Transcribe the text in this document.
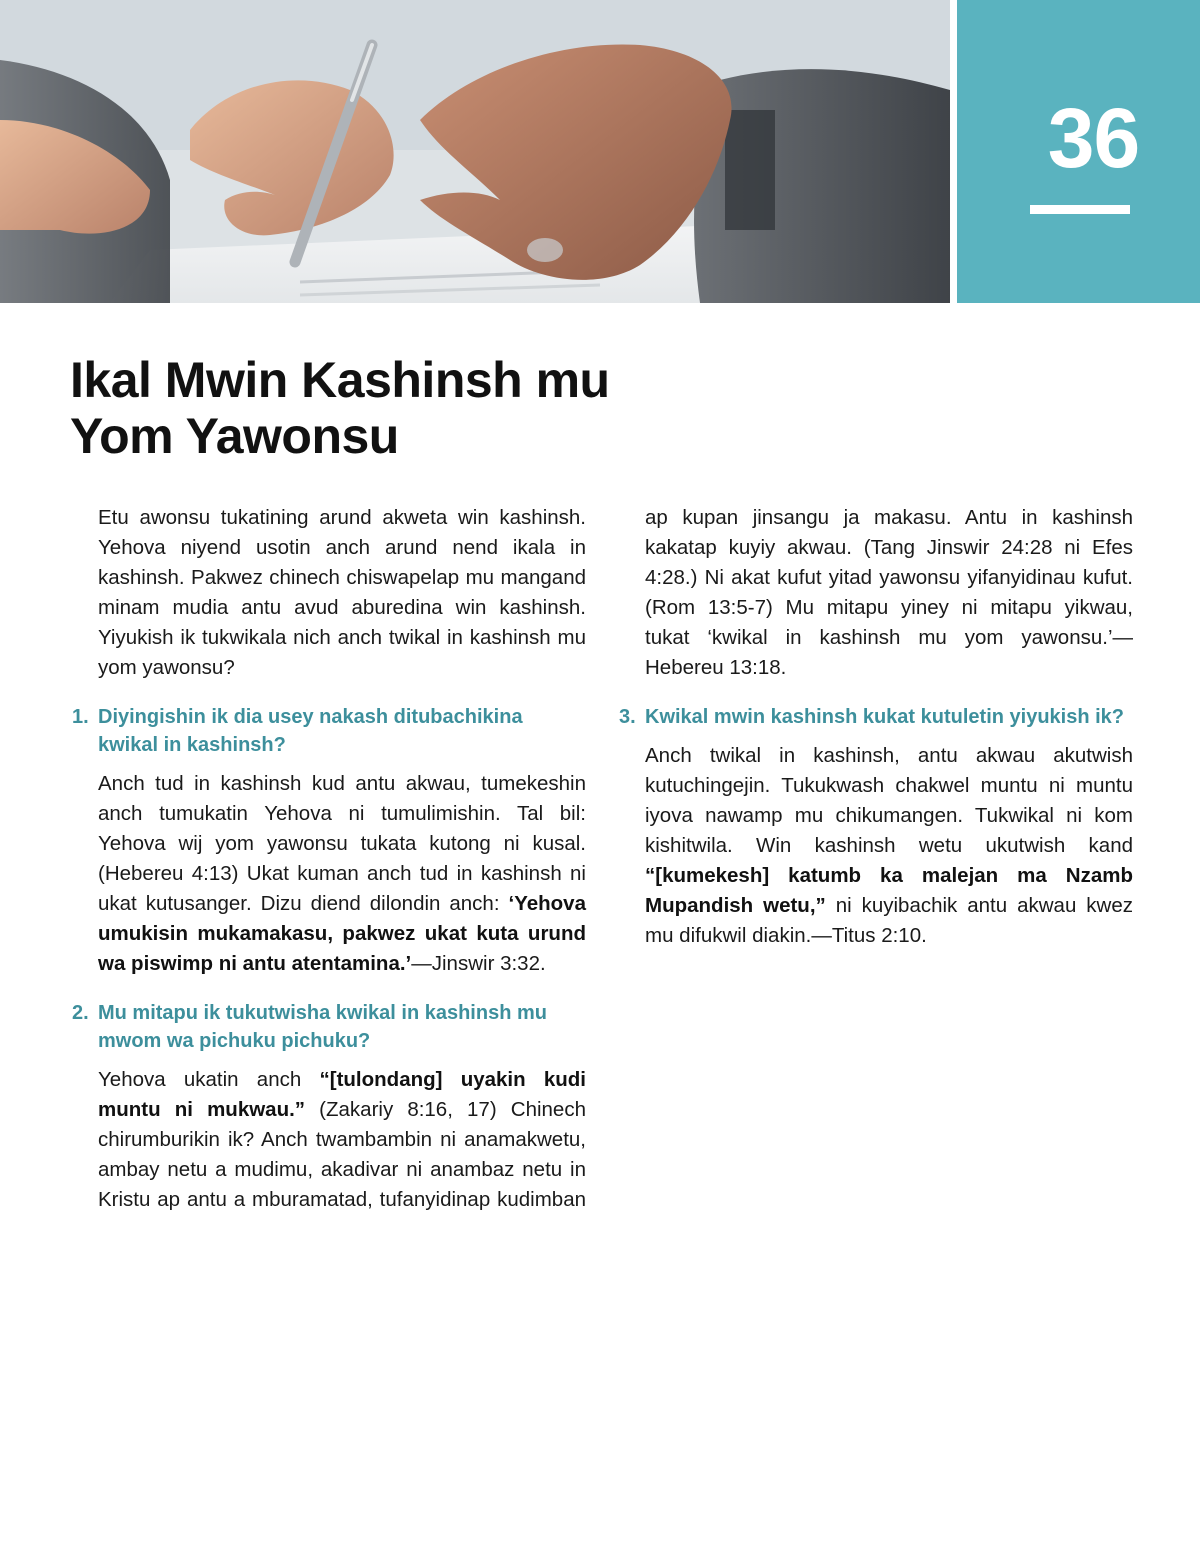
36
Ikal Mwin Kashinsh mu
Yom Yawonsu

Etu awonsu tukatining arund akweta win kashinsh. Yehova niyend usotin anch arund nend ikala in kashinsh. Pakwez chinech chiswapelap mu mangand minam mudia antu avud aburedina win kashinsh. Yiyukish ik tukwikala nich anch twikal in kashinsh mu yom yawonsu?

1. Diyingishin ik dia usey nakash ditubachikina kwikal in kashinsh?

Anch tud in kashinsh kud antu akwau, tumekeshin anch tumukatin Yehova ni tumulimishin. Tal bil: Yehova wij yom yawonsu tukata kutong ni kusal. (Hebereu 4:13) Ukat kuman anch tud in kashinsh ni ukat kutusanger. Dizu diend dilondin anch: ‘Yehova umukisin mukamakasu, pakwez ukat kuta urund wa piswimp ni antu atentamina.’—Jinswir 3:32.

2. Mu mitapu ik tukutwisha kwikal in kashinsh mu mwom wa pichuku pichuku?

Yehova ukatin anch “[tulondang] uyakin kudi muntu ni mukwau.” (Zakariy 8:16, 17) Chinech chirumburikin ik? Anch twambambin ni anamakwetu, ambay netu a mudimu, akadivar ni anambaz netu in Kristu ap antu a mburamatad, tufanyidinap kudimban ap kupan jinsangu ja makasu. Antu in kashinsh kakatap kuyiy akwau. (Tang Jinswir 24:28 ni Efes 4:28.) Ni akat kufut yitad yawonsu yifanyidinau kufut. (Rom 13:5-7) Mu mitapu yiney ni mitapu yikwau, tukat ‘kwikal in kashinsh mu yom yawonsu.’—Hebereu 13:18.

3. Kwikal mwin kashinsh kukat kutuletin yiyukish ik?

Anch twikal in kashinsh, antu akwau akutwish kutuchingejin. Tukukwash chakwel muntu ni muntu iyova nawamp mu chikumangen. Tukwikal ni kom kishitwila. Win kashinsh wetu ukutwish kand “[kumekesh] katumb ka malejan ma Nzamb Mupandish wetu,” ni kuyibachik antu akwau kwez mu difukwil diakin.—Titus 2:10.
